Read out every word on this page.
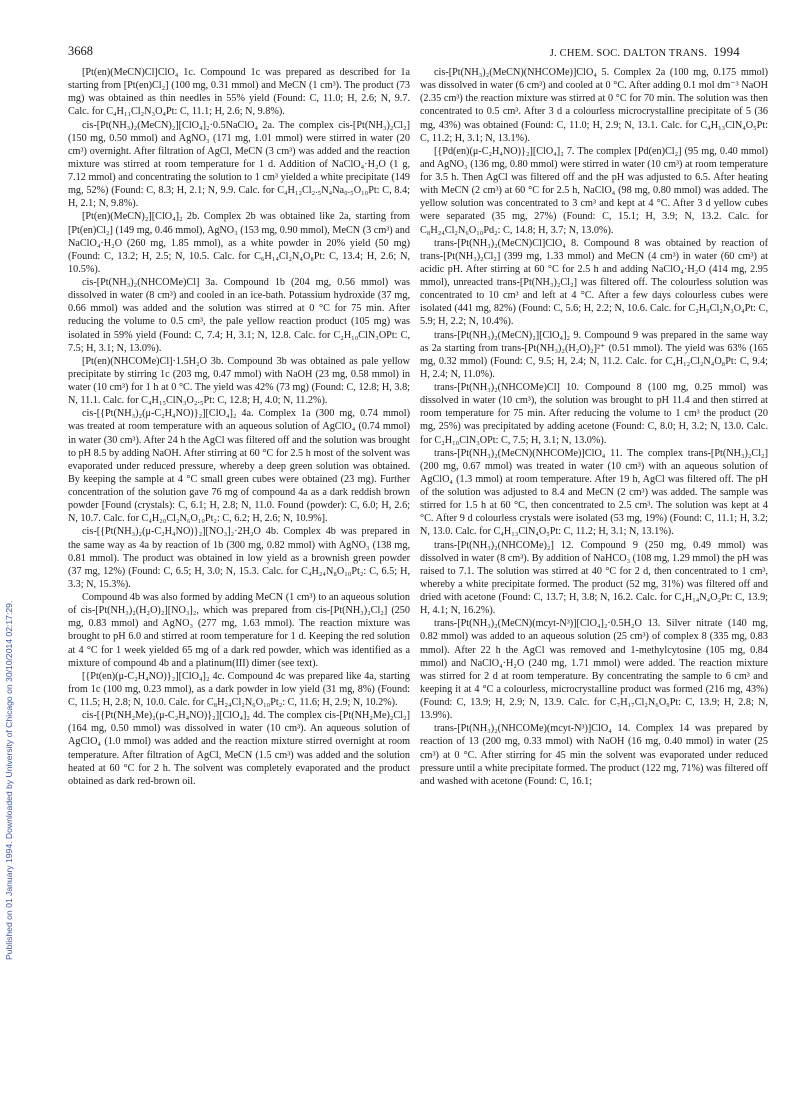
3668	J. CHEM. SOC. DALTON TRANS. 1994
Published on 01 January 1994. Downloaded by University of Chicago on 30/10/2014 02:17:29.

[Pt(en)(MeCN)Cl]ClO₄ 1c. Compound 1c was prepared as described for 1a starting from [Pt(en)Cl₂] (100 mg, 0.31 mmol) and MeCN (1 cm³). The product (73 mg) was obtained as thin needles in 55% yield (Found: C, 11.0; H, 2.6; N, 9.7. Calc. for C₄H₁₁Cl₂N₃O₄Pt: C, 11.1; H, 2.6; N, 9.8%).

cis-[Pt(NH₃)₂(MeCN)₂][ClO₄]₂·0.5NaClO₄ 2a. The complex cis-[Pt(NH₃)₂Cl₂] (150 mg, 0.50 mmol) and AgNO₃ (171 mg, 1.01 mmol) were stirred in water (20 cm³) overnight. After filtration of AgCl, MeCN (3 cm³) was added and the reaction mixture was stirred at room temperature for 1 d. Addition of NaClO₄·H₂O (1 g, 7.12 mmol) and concentrating the solution to 1 cm³ yielded a white precipitate (149 mg, 52%) (Found: C, 8.3; H, 2.1; N, 9.9. Calc. for C₄H₁₂Cl₂.₅N₄Na₀.₅O₁₀Pt: C, 8.4; H, 2.1; N, 9.8%).

[Pt(en)(MeCN)₂][ClO₄]₂ 2b. Complex 2b was obtained like 2a, starting from [Pt(en)Cl₂] (149 mg, 0.46 mmol), AgNO₃ (153 mg, 0.90 mmol), MeCN (3 cm³) and NaClO₄·H₂O (260 mg, 1.85 mmol), as a white powder in 20% yield (50 mg) (Found: C, 13.2; H, 2.5; N, 10.5. Calc. for C₆H₁₄Cl₂N₄O₈Pt: C, 13.4; H, 2.6; N, 10.5%).

cis-[Pt(NH₃)₂(NHCOMe)Cl] 3a. Compound 1b (204 mg, 0.56 mmol) was dissolved in water (8 cm³) and cooled in an ice-bath. Potassium hydroxide (37 mg, 0.66 mmol) was added and the solution was stirred at 0 °C for 75 min. After reducing the volume to 0.5 cm³, the pale yellow reaction product (105 mg) was isolated in 59% yield (Found: C, 7.4; H, 3.1; N, 12.8. Calc. for C₂H₁₀ClN₃OPt: C, 7.5; H, 3.1; N, 13.0%).

[Pt(en)(NHCOMe)Cl]·1.5H₂O 3b. Compound 3b was obtained as pale yellow precipitate by stirring 1c (203 mg, 0.47 mmol) with NaOH (23 mg, 0.58 mmol) in water (10 cm³) for 1 h at 0 °C. The yield was 42% (73 mg) (Found: C, 12.8; H, 3.8; N, 11.1. Calc. for C₄H₁₅ClN₃O₂.₅Pt: C, 12.8; H, 4.0; N, 11.2%).

cis-[{Pt(NH₃)₂(μ-C₂H₄NO)}₂][ClO₄]₂ 4a. Complex 1a (300 mg, 0.74 mmol) was treated at room temperature with an aqueous solution of AgClO₄ (0.74 mmol) in water (30 cm³). After 24 h the AgCl was filtered off and the solution was brought to pH 8.5 by adding NaOH. After stirring at 60 °C for 2.5 h most of the solvent was evaporated under reduced pressure, whereby a deep green solution was obtained. By keeping the sample at 4 °C small green cubes were obtained (23 mg). Further concentration of the solution gave 76 mg of compound 4a as a dark reddish brown powder [Found (crystals): C, 6.1; H, 2.8; N, 11.0. Found (powder): C, 6.0; H, 2.6; N, 10.7. Calc. for C₄H₂₀Cl₂N₆O₁₀Pt₂: C, 6.2; H, 2.6; N, 10.9%].

cis-[{Pt(NH₃)₂(μ-C₂H₄NO)}₂][NO₃]₂·2H₂O 4b. Complex 4b was prepared in the same way as 4a by reaction of 1b (300 mg, 0.82 mmol) with AgNO₃ (138 mg, 0.81 mmol). The product was obtained in low yield as a brownish green powder (37 mg, 12%) (Found: C, 6.5; H, 3.0; N, 15.3. Calc. for C₄H₂₄N₈O₁₀Pt₂: C, 6.5; H, 3.3; N, 15.3%).

Compound 4b was also formed by adding MeCN (1 cm³) to an aqueous solution of cis-[Pt(NH₃)₂(H₂O)₂][NO₃]₂, which was prepared from cis-[Pt(NH₃)₂Cl₂] (250 mg, 0.83 mmol) and AgNO₃ (277 mg, 1.63 mmol). The reaction mixture was brought to pH 6.0 and stirred at room temperature for 1 d. Keeping the red solution at 4 °C for 1 week yielded 65 mg of a dark red powder, which was identified as a mixture of compound 4b and a platinum(III) dimer (see text).

[{Pt(en)(μ-C₂H₄NO)}₂][ClO₄]₂ 4c. Compound 4c was prepared like 4a, starting from 1c (100 mg, 0.23 mmol), as a dark powder in low yield (31 mg, 8%) (Found: C, 11.5; H, 2.8; N, 10.0. Calc. for C₈H₂₄Cl₂N₆O₁₀Pt₂: C, 11.6; H, 2.9; N, 10.2%).

cis-[{Pt(NH₂Me)₂(μ-C₂H₄NO)}₂][ClO₄]₂ 4d. The complex cis-[Pt(NH₂Me)₂Cl₂] (164 mg, 0.50 mmol) was dissolved in water (10 cm³). An aqueous solution of AgClO₄ (1.0 mmol) was added and the reaction mixture stirred overnight at room temperature. After filtration of AgCl, MeCN (1.5 cm³) was added and the solution heated at 60 °C for 2 h. The solvent was completely evaporated and the product obtained as dark red-brown oil.

cis-[Pt(NH₃)₂(MeCN)(NHCOMe)]ClO₄ 5. Complex 2a (100 mg, 0.175 mmol) was dissolved in water (6 cm³) and cooled at 0 °C. After adding 0.1 mol dm⁻³ NaOH (2.35 cm³) the reaction mixture was stirred at 0 °C for 70 min. The solution was then concentrated to 0.5 cm³. After 3 d a colourless microcrystalline precipitate of 5 (36 mg, 43%) was obtained (Found: C, 11.0; H, 2.9; N, 13.1. Calc. for C₄H₁₃ClN₄O₅Pt: C, 11.2; H, 3.1; N, 13.1%).

[{Pd(en)(μ-C₂H₄NO)}₂][ClO₄]₂ 7. The complex [Pd(en)Cl₂] (95 mg, 0.40 mmol) and AgNO₃ (136 mg, 0.80 mmol) were stirred in water (10 cm³) at room temperature for 3.5 h. Then AgCl was filtered off and the pH was adjusted to 6.5. After heating with MeCN (2 cm³) at 60 °C for 2.5 h, NaClO₄ (98 mg, 0.80 mmol) was added. The yellow solution was concentrated to 3 cm³ and kept at 4 °C. After 3 d yellow cubes were separated (35 mg, 27%) (Found: C, 15.1; H, 3.9; N, 13.2. Calc. for C₈H₂₄Cl₂N₆O₁₀Pd₂: C, 14.8; H, 3.7; N, 13.0%).

trans-[Pt(NH₃)₂(MeCN)Cl]ClO₄ 8. Compound 8 was obtained by reaction of trans-[Pt(NH₃)₂Cl₂] (399 mg, 1.33 mmol) and MeCN (4 cm³) in water (60 cm³) at acidic pH. After stirring at 60 °C for 2.5 h and adding NaClO₄·H₂O (414 mg, 2.95 mmol), unreacted trans-[Pt(NH₃)₂Cl₂] was filtered off. The colourless solution was concentrated to 10 cm³ and left at 4 °C. After a few days colourless cubes were isolated (441 mg, 82%) (Found: C, 5.6; H, 2.2; N, 10.6. Calc. for C₂H₉Cl₂N₃O₄Pt: C, 5.9; H, 2.2; N, 10.4%).

trans-[Pt(NH₃)₂(MeCN)₂][ClO₄]₂ 9. Compound 9 was prepared in the same way as 2a starting from trans-[Pt(NH₃)₂(H₂O)₂]²⁺ (0.51 mmol). The yield was 63% (165 mg, 0.32 mmol) (Found: C, 9.5; H, 2.4; N, 11.2. Calc. for C₄H₁₂Cl₂N₄O₈Pt: C, 9.4; H, 2.4; N, 11.0%).

trans-[Pt(NH₃)₂(NHCOMe)Cl] 10. Compound 8 (100 mg, 0.25 mmol) was dissolved in water (10 cm³), the solution was brought to pH 11.4 and then stirred at room temperature for 75 min. After reducing the volume to 1 cm³ the product (20 mg, 25%) was precipitated by adding acetone (Found: C, 8.0; H, 3.2; N, 13.0. Calc. for C₂H₁₀ClN₃OPt: C, 7.5; H, 3.1; N, 13.0%).

trans-[Pt(NH₃)₂(MeCN)(NHCOMe)]ClO₄ 11. The complex trans-[Pt(NH₃)₂Cl₂] (200 mg, 0.67 mmol) was treated in water (10 cm³) with an aqueous solution of AgClO₄ (1.3 mmol) at room temperature. After 19 h, AgCl was filtered off. The pH of the solution was adjusted to 8.4 and MeCN (2 cm³) was added. The sample was stirred for 1.5 h at 60 °C, then concentrated to 2.5 cm³. The solution was kept at 4 °C. After 9 d colourless crystals were isolated (53 mg, 19%) (Found: C, 11.1; H, 3.2; N, 13.0. Calc. for C₄H₁₃ClN₄O₅Pt: C, 11.2; H, 3.1; N, 13.1%).

trans-[Pt(NH₃)₂(NHCOMe)₂] 12. Compound 9 (250 mg, 0.49 mmol) was dissolved in water (8 cm³). By addition of NaHCO₃ (108 mg, 1.29 mmol) the pH was raised to 7.1. The solution was stirred at 40 °C for 2 d, then concentrated to 1 cm³, whereby a white precipitate formed. The product (52 mg, 31%) was filtered off and dried with acetone (Found: C, 13.7; H, 3.8; N, 16.2. Calc. for C₄H₁₄N₄O₂Pt: C, 13.9; H, 4.1; N, 16.2%).

trans-[Pt(NH₃)₂(MeCN)(mcyt-N³)][ClO₄]₂·0.5H₂O 13. Silver nitrate (140 mg, 0.82 mmol) was added to an aqueous solution (25 cm³) of complex 8 (335 mg, 0.83 mmol). After 22 h the AgCl was removed and 1-methylcytosine (105 mg, 0.84 mmol) and NaClO₄·H₂O (240 mg, 1.71 mmol) were added. The reaction mixture was stirred for 2 d at room temperature. By concentrating the sample to 6 cm³ and keeping it at 4 °C a colourless, microcrystalline product was formed (216 mg, 43%) (Found: C, 13.9; H, 2.9; N, 13.9. Calc. for C₇H₁₇Cl₂N₆O₉Pt: C, 13.9; H, 2.8; N, 13.9%).

trans-[Pt(NH₃)₂(NHCOMe)(mcyt-N³)]ClO₄ 14. Complex 14 was prepared by reaction of 13 (200 mg, 0.33 mmol) with NaOH (16 mg, 0.40 mmol) in water (25 cm³) at 0 °C. After stirring for 45 min the solvent was evaporated under reduced pressure until a white precipitate formed. The product (122 mg, 71%) was filtered off and washed with acetone (Found: C, 16.1;
